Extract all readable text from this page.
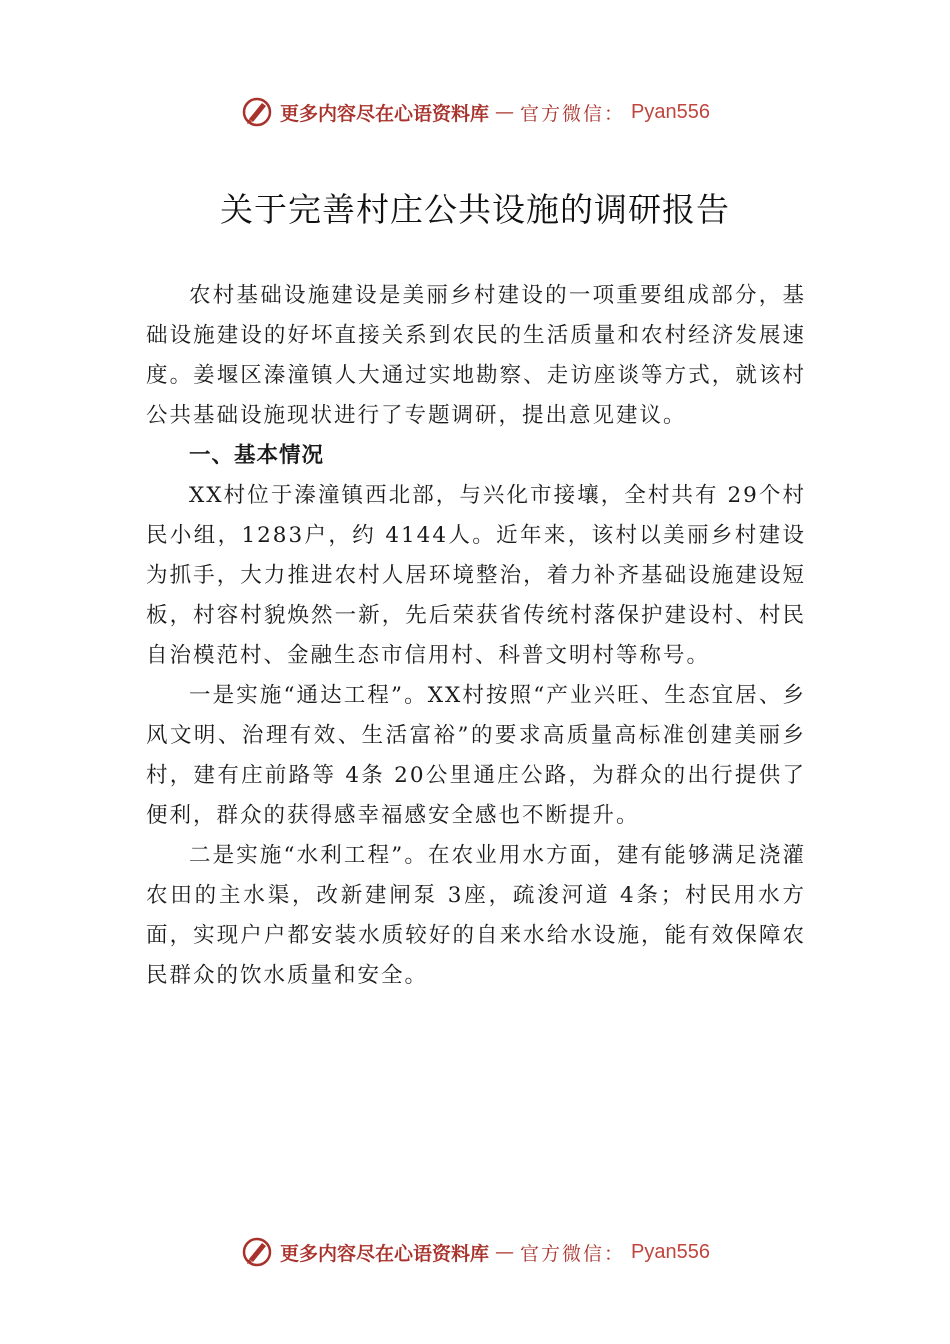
更多内容尽在心语资料库 — 官方微信： Pyan556
关于完善村庄公共设施的调研报告

农村基础设施建设是美丽乡村建设的一项重要组成部分，基础设施建设的好坏直接关系到农民的生活质量和农村经济发展速度。姜堰区溱潼镇人大通过实地勘察、走访座谈等方式，就该村公共基础设施现状进行了专题调研，提出意见建议。

一、基本情况

XX村位于溱潼镇西北部，与兴化市接壤，全村共有 29个村民小组，1283户，约 4144人。近年来，该村以美丽乡村建设为抓手，大力推进农村人居环境整治，着力补齐基础设施建设短板，村容村貌焕然一新，先后荣获省传统村落保护建设村、村民自治模范村、金融生态市信用村、科普文明村等称号。

一是实施“通达工程”。XX村按照“产业兴旺、生态宜居、乡风文明、治理有效、生活富裕”的要求高质量高标准创建美丽乡村，建有庄前路等 4条 20公里通庄公路，为群众的出行提供了便利，群众的获得感幸福感安全感也不断提升。

二是实施“水利工程”。在农业用水方面，建有能够满足浇灌农田的主水渠，改新建闸泵 3座，疏浚河道 4条；村民用水方面，实现户户都安装水质较好的自来水给水设施，能有效保障农民群众的饮水质量和安全。

更多内容尽在心语资料库 — 官方微信： Pyan556
